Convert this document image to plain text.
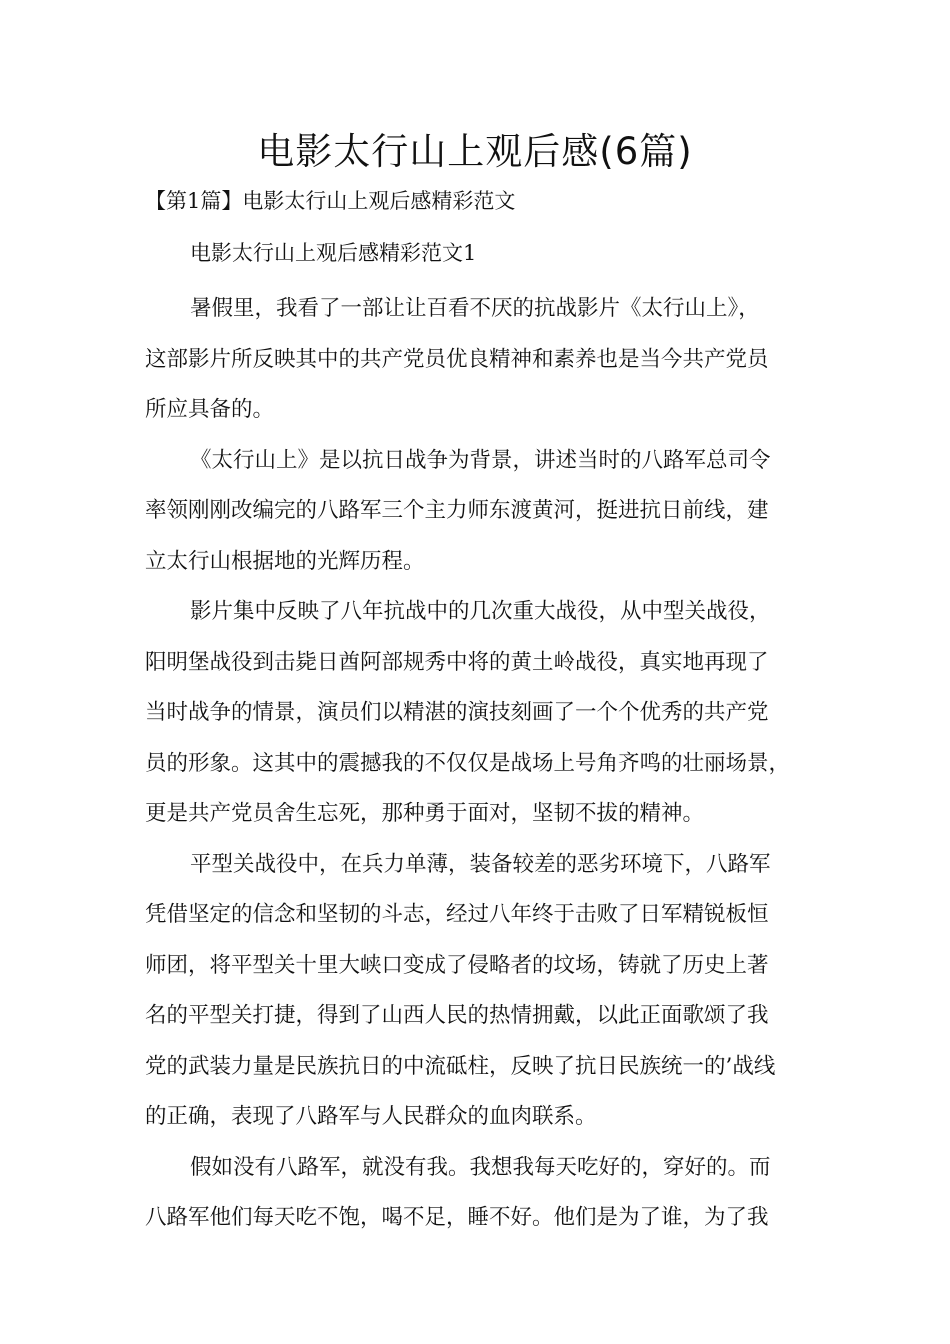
电影太行山上观后感(6篇)
【第1篇】电影太行山上观后感精彩范文

电影太行山上观后感精彩范文1

暑假里，我看了一部让让百看不厌的抗战影片《太行山上》，
这部影片所反映其中的共产党员优良精神和素养也是当今共产党员
所应具备的。

《太行山上》是以抗日战争为背景，讲述当时的八路军总司令
率领刚刚改编完的八路军三个主力师东渡黄河，挺进抗日前线，建
立太行山根据地的光辉历程。

影片集中反映了八年抗战中的几次重大战役，从中型关战役，
阳明堡战役到击毙日酋阿部规秀中将的黄土岭战役，真实地再现了
当时战争的情景，演员们以精湛的演技刻画了一个个优秀的共产党
员的形象。这其中的震撼我的不仅仅是战场上号角齐鸣的壮丽场景，
更是共产党员舍生忘死，那种勇于面对，坚韧不拔的精神。

平型关战役中，在兵力单薄，装备较差的恶劣环境下，八路军
凭借坚定的信念和坚韧的斗志，经过八年终于击败了日军精锐板恒
师团，将平型关十里大峡口变成了侵略者的坟场，铸就了历史上著
名的平型关打捷，得到了山西人民的热情拥戴，以此正面歌颂了我
党的武装力量是民族抗日的中流砥柱，反映了抗日民族统一的’战线
的正确，表现了八路军与人民群众的血肉联系。

假如没有八路军，就没有我。我想我每天吃好的，穿好的。而
八路军他们每天吃不饱，喝不足，睡不好。他们是为了谁，为了我
